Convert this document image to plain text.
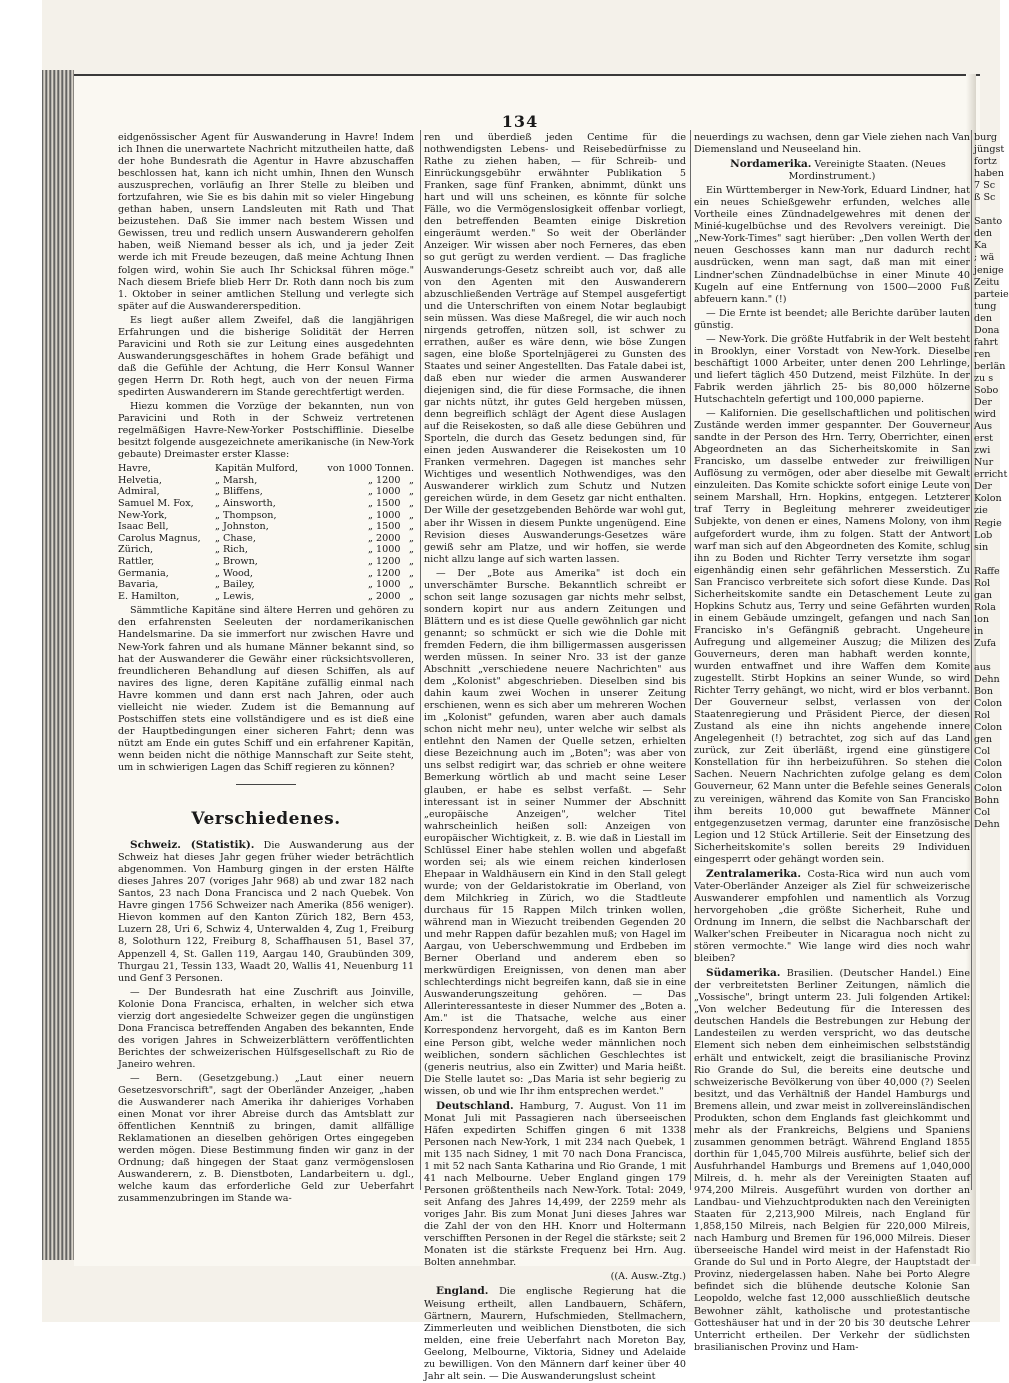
134

eidgenössischer Agent für Auswanderung in Havre! Indem ich Ihnen die unerwartete Nachricht mitzutheilen hatte, daß der hohe Bundesrath die Agentur in Havre abzuschaffen beschlossen hat, kann ich nicht umhin, Ihnen den Wunsch auszusprechen, vorläufig an Ihrer Stelle zu bleiben und fortzufahren, wie Sie es bis dahin mit so vieler Hingebung gethan haben, unsern Landsleuten mit Rath und That beizustehen. Daß Sie immer nach bestem Wissen und Gewissen, treu und redlich unsern Auswanderern geholfen haben, weiß Niemand besser als ich, und ja jeder Zeit werde ich mit Freude bezeugen, daß meine Achtung Ihnen folgen wird, wohin Sie auch Ihr Schicksal führen möge." Nach diesem Briefe blieb Herr Dr. Roth dann noch bis zum 1. Oktober in seiner amtlichen Stellung und verlegte sich später auf die Auswandererspedition.

Es liegt außer allem Zweifel, daß die langjährigen Erfahrungen und die bisherige Solidität der Herren Paravicini und Roth sie zur Leitung eines ausgedehnten Auswanderungsgeschäftes in hohem Grade befähigt und daß die Gefühle der Achtung, die Herr Konsul Wanner gegen Herrn Dr. Roth hegt, auch von der neuen Firma spedirten Auswanderern im Stande gerechtfertigt werden.

Hiezu kommen die Vorzüge der bekannten, nun von Paravicini und Roth in der Schweiz vertretenen regelmäßigen Havre-New-Yorker Postschifflinie. Dieselbe besitzt folgende ausgezeichnete amerikanische (in New-York gebaute) Dreimaster erster Klasse:

Havre,	Kapitän Mulford,	von 1000 Tonnen.	
Helvetia,	„ Marsh,	„ 1200	„
Admiral,	„ Bliffens,	„ 1000	„
Samuel M. Fox,	„ Ainsworth,	„ 1500	„
New-York,	„ Thompson,	„ 1000	„
Isaac Bell,	„ Johnston,	„ 1500	„
Carolus Magnus,	„ Chase,	„ 2000	„
Zürich,	„ Rich,	„ 1000	„
Rattler,	„ Brown,	„ 1200	„
Germania,	„ Wood,	„ 1200	„
Bavaria,	„ Bailey,	„ 1000	„
E. Hamilton,	„ Lewis,	„ 2000	„

Sämmtliche Kapitäne sind ältere Herren und gehören zu den erfahrensten Seeleuten der nordamerikanischen Handelsmarine. Da sie immerfort nur zwischen Havre und New-York fahren und als humane Männer bekannt sind, so hat der Auswanderer die Gewähr einer rücksichtsvolleren, freundlicheren Behandlung auf diesen Schiffen, als auf navires des ligne, deren Kapitäne zufällig einmal nach Havre kommen und dann erst nach Jahren, oder auch vielleicht nie wieder. Zudem ist die Bemannung auf Postschiffen stets eine vollständigere und es ist dieß eine der Hauptbedingungen einer sicheren Fahrt; denn was nützt am Ende ein gutes Schiff und ein erfahrener Kapitän, wenn beiden nicht die nöthige Mannschaft zur Seite steht, um in schwierigen Lagen das Schiff regieren zu können?

Verschiedenes.

Schweiz. (Statistik). Die Auswanderung aus der Schweiz hat dieses Jahr gegen früher wieder beträchtlich abgenommen. Von Hamburg gingen in der ersten Hälfte dieses Jahres 207 (voriges Jahr 968) ab und zwar 182 nach Santos, 23 nach Dona Francisca und 2 nach Quebek. Von Havre gingen 1756 Schweizer nach Amerika (856 weniger). Hievon kommen auf den Kanton Zürich 182, Bern 453, Luzern 28, Uri 6, Schwiz 4, Unterwalden 4, Zug 1, Freiburg 8, Solothurn 122, Freiburg 8, Schaffhausen 51, Basel 37, Appenzell 4, St. Gallen 119, Aargau 140, Graubünden 309, Thurgau 21, Tessin 133, Waadt 20, Wallis 41, Neuenburg 11 und Genf 3 Personen.

— Der Bundesrath hat eine Zuschrift aus Joinville, Kolonie Dona Francisca, erhalten, in welcher sich etwa vierzig dort angesiedelte Schweizer gegen die ungünstigen Dona Francisca betreffenden Angaben des bekannten, Ende des vorigen Jahres in Schweizerblättern veröffentlichten Berichtes der schweizerischen Hülfsgesellschaft zu Rio de Janeiro wehren.

— Bern. (Gesetzgebung.) „Laut einer neuern Gesetzesvorschrift", sagt der Oberländer Anzeiger, „haben die Auswanderer nach Amerika ihr dahieriges Vorhaben einen Monat vor ihrer Abreise durch das Amtsblatt zur öffentlichen Kenntniß zu bringen, damit allfällige Reklamationen an dieselben gehörigen Ortes eingegeben werden mögen. Diese Bestimmung finden wir ganz in der Ordnung; daß hingegen der Staat ganz vermögenslosen Auswanderern, z. B. Dienstboten, Landarbeitern u. dgl., welche kaum das erforderliche Geld zur Ueberfahrt zusammenzubringen im Stande wa-

ren und überdieß jeden Centime für die nothwendigsten Lebens- und Reisebedürfnisse zu Rathe zu ziehen haben, — für Schreib- und Einrückungsgebühr erwähnter Publikation 5 Franken, sage fünf Franken, abnimmt, dünkt uns hart und will uns scheinen, es könnte für solche Fälle, wo die Vermögenslosigkeit offenbar vorliegt, den betreffenden Beamten einige Diskretion eingeräumt werden." So weit der Oberländer Anzeiger. Wir wissen aber noch Ferneres, das eben so gut gerügt zu werden verdient. — Das fragliche Auswanderungs-Gesetz schreibt auch vor, daß alle von den Agenten mit den Auswanderern abzuschließenden Verträge auf Stempel ausgefertigt und die Unterschriften von einem Notar beglaubigt sein müssen. Was diese Maßregel, die wir auch noch nirgends getroffen, nützen soll, ist schwer zu errathen, außer es wäre denn, wie böse Zungen sagen, eine bloße Sportelnjägerei zu Gunsten des Staates und seiner Angestellten. Das Fatale dabei ist, daß eben nur wieder die armen Auswanderer diejenigen sind, die für diese Formsache, die ihnen gar nichts nützt, ihr gutes Geld hergeben müssen, denn begreiflich schlägt der Agent diese Auslagen auf die Reisekosten, so daß alle diese Gebühren und Sporteln, die durch das Gesetz bedungen sind, für einen jeden Auswanderer die Reisekosten um 10 Franken vermehren. Dagegen ist manches sehr Wichtiges und wesentlich Nothwendiges, was den Auswanderer wirklich zum Schutz und Nutzen gereichen würde, in dem Gesetz gar nicht enthalten. Der Wille der gesetzgebenden Behörde war wohl gut, aber ihr Wissen in diesem Punkte ungenügend. Eine Revision dieses Auswanderungs-Gesetzes wäre gewiß sehr am Platze, und wir hoffen, sie werde nicht allzu lange auf sich warten lassen.

— Der „Bote aus Amerika" ist doch ein unverschämter Bursche. Bekanntlich schreibt er schon seit lange sozusagen gar nichts mehr selbst, sondern kopirt nur aus andern Zeitungen und Blättern und es ist diese Quelle gewöhnlich gar nicht genannt; so schmückt er sich wie die Dohle mit fremden Federn, die ihm billigermassen ausgerissen werden müssen. In seiner Nro. 33 ist der ganze Abschnitt „verschiedene neuere Nachrichten" aus dem „Kolonist" abgeschrieben. Dieselben sind bis dahin kaum zwei Wochen in unserer Zeitung erschienen, wenn es sich aber um mehreren Wochen im „Kolonist" gefunden, waren aber auch damals schon nicht mehr neu), unter welche wir selbst als entlehnt den Namen der Quelle setzen, erhielten diese Bezeichnung auch im „Boten"; was aber von uns selbst redigirt war, das schrieb er ohne weitere Bemerkung wörtlich ab und macht seine Leser glauben, er habe es selbst verfaßt. — Sehr interessant ist in seiner Nummer der Abschnitt „europäische Anzeigen", welcher Titel wahrscheinlich heißen soll: Anzeigen von europäischer Wichtigkeit, z. B. wie daß in Liestall im Schlüssel Einer habe stehlen wollen und abgefaßt worden sei; als wie einem reichen kinderlosen Ehepaar in Waldhäusern ein Kind in den Stall gelegt wurde; von der Geldaristokratie im Oberland, von dem Milchkrieg in Zürich, wo die Stadtleute durchaus für 15 Rappen Milch trinken wollen, während man in Wiezucht treibenden Gegenden 20 und mehr Rappen dafür bezahlen muß; von Hagel im Aargau, von Ueberschwemmung und Erdbeben im Berner Oberland und anderem eben so merkwürdigen Ereignissen, von denen man aber schlechterdings nicht begreifen kann, daß sie in eine Auswanderungszeitung gehören. — Das Allerinteressanteste in dieser Nummer des „Boten a. Am." ist die Thatsache, welche aus einer Korrespondenz hervorgeht, daß es im Kanton Bern eine Person gibt, welche weder männlichen noch weiblichen, sondern sächlichen Geschlechtes ist (generis neutrius, also ein Zwitter) und Maria heißt. Die Stelle lautet so: „Das Maria ist sehr begierig zu wissen, ob und wie Ihr ihm entsprechen werdet."

Deutschland. Hamburg, 7. August. Von 11 im Monat Juli mit Passagieren nach überseeischen Häfen expedirten Schiffen gingen 6 mit 1338 Personen nach New-York, 1 mit 234 nach Quebek, 1 mit 135 nach Sidney, 1 mit 70 nach Dona Francisca, 1 mit 52 nach Santa Katharina und Rio Grande, 1 mit 41 nach Melbourne. Ueber England gingen 179 Personen größtentheils nach New-York. Total: 2049, seit Anfang des Jahres 14,499, der 2259 mehr als voriges Jahr. Bis zum Monat Juni dieses Jahres war die Zahl der von den HH. Knorr und Holtermann verschifften Personen in der Regel die stärkste; seit 2 Monaten ist die stärkste Frequenz bei Hrn. Aug. Bolten annehmbar.

((A. Ausw.-Ztg.)

England. Die englische Regierung hat die Weisung ertheilt, allen Landbauern, Schäfern, Gärtnern, Maurern, Hufschmieden, Stellmachern, Zimmerleuten und weiblichen Dienstboten, die sich melden, eine freie Ueberfahrt nach Moreton Bay, Geelong, Melbourne, Viktoria, Sidney und Adelaide zu bewilligen. Von den Männern darf keiner über 40 Jahr alt sein. — Die Auswanderungslust scheint

neuerdings zu wachsen, denn gar Viele ziehen nach Van Diemensland und Neuseeland hin.

Nordamerika. Vereinigte Staaten. (Neues Mordinstrument.)

Ein Württemberger in New-York, Eduard Lindner, hat ein neues Schießgewehr erfunden, welches alle Vortheile eines Zündnadelgewehres mit denen der Minié-kugelbüchse und des Revolvers vereinigt. Die „New-York-Times" sagt hierüber: „Den vollen Werth der neuen Geschosses kann man nur dadurch recht ausdrücken, wenn man sagt, daß man mit einer Lindner'schen Zündnadelbüchse in einer Minute 40 Kugeln auf eine Entfernung von 1500—2000 Fuß abfeuern kann." (!)

— Die Ernte ist beendet; alle Berichte darüber lauten günstig.

— New-York. Die größte Hutfabrik in der Welt besteht in Brooklyn, einer Vorstadt von New-York. Dieselbe beschäftigt 1000 Arbeiter, unter denen 200 Lehrlinge, und liefert täglich 450 Dutzend, meist Filzhüte. In der Fabrik werden jährlich 25- bis 80,000 hölzerne Hutschachteln gefertigt und 100,000 papierne.

— Kalifornien. Die gesellschaftlichen und politischen Zustände werden immer gespannter. Der Gouverneur sandte in der Person des Hrn. Terry, Oberrichter, einen Abgeordneten an das Sicherheitskomite in San Francisko, um dasselbe entweder zur freiwilligen Auflösung zu vermögen, oder aber dieselbe mit Gewalt einzuleiten. Das Komite schickte sofort einige Leute von seinem Marshall, Hrn. Hopkins, entgegen. Letzterer traf Terry in Begleitung mehrerer zweideutiger Subjekte, von denen er eines, Namens Molony, von ihm aufgefordert wurde, ihm zu folgen. Statt der Antwort warf man sich auf den Abgeordneten des Komite, schlug ihn zu Boden und Richter Terry versetzte ihm sogar eigenhändig einen sehr gefährlichen Messerstich. Zu San Francisco verbreitete sich sofort diese Kunde. Das Sicherheitskomite sandte ein Detaschement Leute zu Hopkins Schutz aus, Terry und seine Gefährten wurden in einem Gebäude umzingelt, gefangen und nach San Francisko in's Gefängniß gebracht. Ungeheure Aufregung und allgemeiner Auszug; die Milizen des Gouverneurs, deren man habhaft werden konnte, wurden entwaffnet und ihre Waffen dem Komite zugestellt. Stirbt Hopkins an seiner Wunde, so wird Richter Terry gehängt, wo nicht, wird er blos verbannt. Der Gouverneur selbst, verlassen von der Staatenregierung und Präsident Pierce, der diesen Zustand als eine ihn nichts angehende innere Angelegenheit (!) betrachtet, zog sich auf das Land zurück, zur Zeit überläßt, irgend eine günstigere Konstellation für ihn herbeizuführen. So stehen die Sachen. Neuern Nachrichten zufolge gelang es dem Gouverneur, 62 Mann unter die Befehle seines Generals zu vereinigen, während das Komite von San Francisko ihm bereits 10,000 gut bewaffnete Männer entgegenzusetzen vermag, darunter eine französische Legion und 12 Stück Artillerie. Seit der Einsetzung des Sicherheitskomite's sollen bereits 29 Individuen eingesperrt oder gehängt worden sein.

Zentralamerika. Costa-Rica wird nun auch vom Vater-Oberländer Anzeiger als Ziel für schweizerische Auswanderer empfohlen und namentlich als Vorzug hervorgehoben „die größte Sicherheit, Ruhe und Ordnung im Innern, die selbst die Nachbarschaft der Walker'schen Freibeuter in Nicaragua noch nicht zu stören vermochte." Wie lange wird dies noch wahr bleiben?

Südamerika. Brasilien. (Deutscher Handel.) Eine der verbreitetsten Berliner Zeitungen, nämlich die „Vossische", bringt unterm 23. Juli folgenden Artikel: „Von welcher Bedeutung für die Interessen des deutschen Handels die Bestrebungen zur Hebung der Landesteilen zu werden verspricht, wo das deutsche Element sich neben dem einheimischen selbstständig erhält und entwickelt, zeigt die brasilianische Provinz Rio Grande do Sul, die bereits eine deutsche und schweizerische Bevölkerung von über 40,000 (?) Seelen besitzt, und das Verhältniß der Handel Hamburgs und Bremens allein, und zwar meist in zollvereinsländischen Produkten, schon dem Englands fast gleichkommt und mehr als der Frankreichs, Belgiens und Spaniens zusammen genommen beträgt. Während England 1855 dorthin für 1,045,700 Milreis ausführte, belief sich der Ausfuhrhandel Hamburgs und Bremens auf 1,040,000 Milreis, d. h. mehr als der Vereinigten Staaten auf 974,200 Milreis. Ausgeführt wurden von dorther an Landbau- und Viehzuchtprodukten nach den Vereinigten Staaten für 2,213,900 Milreis, nach England für 1,858,150 Milreis, nach Belgien für 220,000 Milreis, nach Hamburg und Bremen für 196,000 Milreis. Dieser überseeische Handel wird meist in der Hafenstadt Rio Grande do Sul und in Porto Alegre, der Hauptstadt der Provinz, niedergelassen haben. Nahe bei Porto Alegre befindet sich die blühende deutsche Kolonie San Leopoldo, welche fast 12,000 ausschließlich deutsche Bewohner zählt, katholische und protestantische Gotteshäuser hat und in der 20 bis 30 deutsche Lehrer Unterricht ertheilen. Der Verkehr der südlichsten brasilianischen Provinz und Ham-

burg
jüngst
fortz
haben
7 Sc
ß Sc

Santo
den
Ka
; wä
jenige
Zeitu
parteie
tung
den
Dona
fahrt
ren
berlän
zu s
Sobo
Der
wird
Aus
erst
zwi
Nur
erricht
Der
Kolon
zie
Regie
Lob
sin

Raffe
Rol
gan
Rola
lon
in
Zufa

aus
Dehn
Bon
Colon
Rol
Colon
gen
Col
Colon
Colon
Colon
Bohn
Col
Dehn
